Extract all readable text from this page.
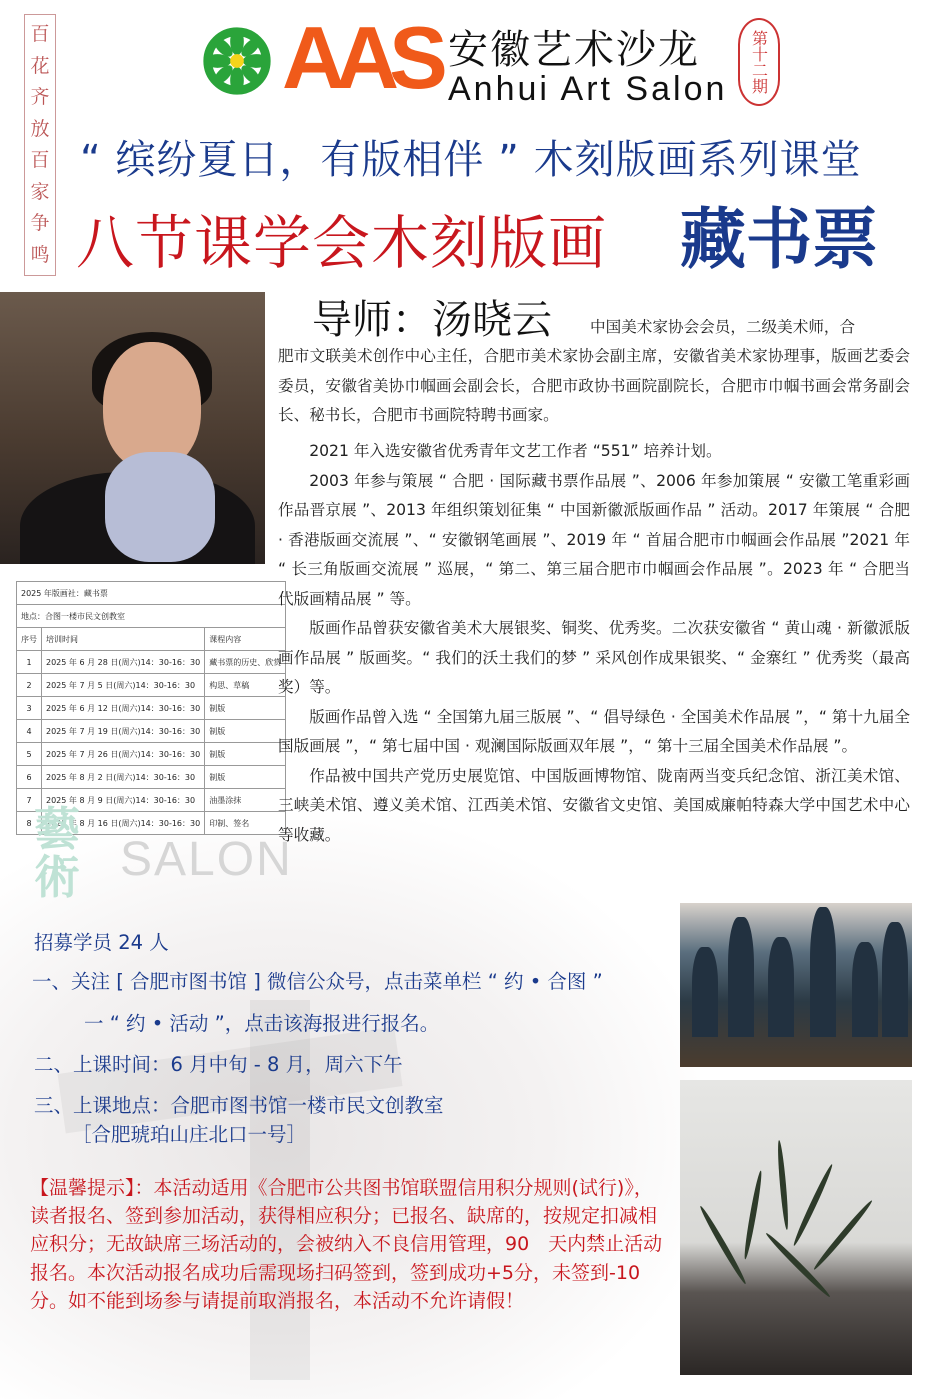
百
花
齐
放
百
家
争
鸣
AAS 安徽艺术沙龙
Anhui Art Salon 第十二期
“ 缤纷夏日，有版相伴 ” 木刻版画系列课堂
八节课学会木刻版画 藏书票
2025 年版画社：藏书票		
地点：合图一楼市民文创教室		
序号	培训时间	课程内容
1	2025 年 6 月 28 日(周六)14：30-16：30	藏书票的历史、欣赏
2	2025 年 7 月 5 日(周六)14：30-16：30	构思、草稿
3	2025 年 6 月 12 日(周六)14：30-16：30	制版
4	2025 年 7 月 19 日(周六)14：30-16：30	制版
5	2025 年 7 月 26 日(周六)14：30-16：30	制版
6	2025 年 8 月 2 日(周六)14：30-16：30	制版
7	2025 年 8 月 9 日(周六)14：30-16：30	油墨涂抹
8	2025 年 8 月 16 日(周六)14：30-16：30	印制、签名
导师：汤晓云 中国美术家协会会员，二级美术师，合
肥市文联美术创作中心主任，合肥市美术家协会副主席，安徽省美术家协理事，版画艺委会委员，安徽省美协巾帼画会副会长，合肥市政协书画院副院长，合肥市巾帼书画会常务副会长、秘书长，合肥市书画院特聘书画家。

2021 年入选安徽省优秀青年文艺工作者 “551” 培养计划。

2003 年参与策展 “ 合肥 · 国际藏书票作品展 ”、2006 年参加策展 “ 安徽工笔重彩画作品晋京展 ”、2013 年组织策划征集 “ 中国新徽派版画作品 ” 活动。2017 年策展 “ 合肥 · 香港版画交流展 ”、“ 安徽钢笔画展 ”、2019 年 “ 首届合肥市巾帼画会作品展 ”2021 年 “ 长三角版画交流展 ” 巡展，“ 第二、第三届合肥市巾帼画会作品展 ”。2023 年 “ 合肥当代版画精品展 ” 等。

版画作品曾获安徽省美术大展银奖、铜奖、优秀奖。二次获安徽省 “ 黄山魂 · 新徽派版画作品展 ” 版画奖。“ 我们的沃土我们的梦 ” 采风创作成果银奖、“ 金寨红 ” 优秀奖（最高奖）等。

版画作品曾入选 “ 全国第九届三版展 ”、“ 倡导绿色 · 全国美术作品展 ”，“ 第十九届全国版画展 ”，“ 第七届中国 · 观澜国际版画双年展 ”，“ 第十三届全国美术作品展 ”。

作品被中国共产党历史展览馆、中国版画博物馆、陇南两当变兵纪念馆、浙江美术馆、三峡美术馆、遵义美术馆、江西美术馆、安徽省文史馆、美国威廉帕特森大学中国艺术中心等收藏。

藝術 SALON
招募学员 24 人
一、关注 [ 合肥市图书馆 ] 微信公众号，点击菜单栏 “ 约 • 合图 ”
一 “ 约 • 活动 ”，点击该海报进行报名。
二、上课时间：6 月中旬 - 8 月，周六下午
三、上课地点：合肥市图书馆一楼市民文创教室
［合肥琥珀山庄北口一号］
【温馨提示】：本活动适用《合肥市公共图书馆联盟信用积分规则(试行)》，读者报名、签到参加活动，获得相应积分；已报名、缺席的，按规定扣减相应积分；无故缺席三场活动的，会被纳入不良信用管理，90　天内禁止活动报名。本次活动报名成功后需现场扫码签到，签到成功+5分，未签到-10分。如不能到场参与请提前取消报名，本活动不允许请假！
